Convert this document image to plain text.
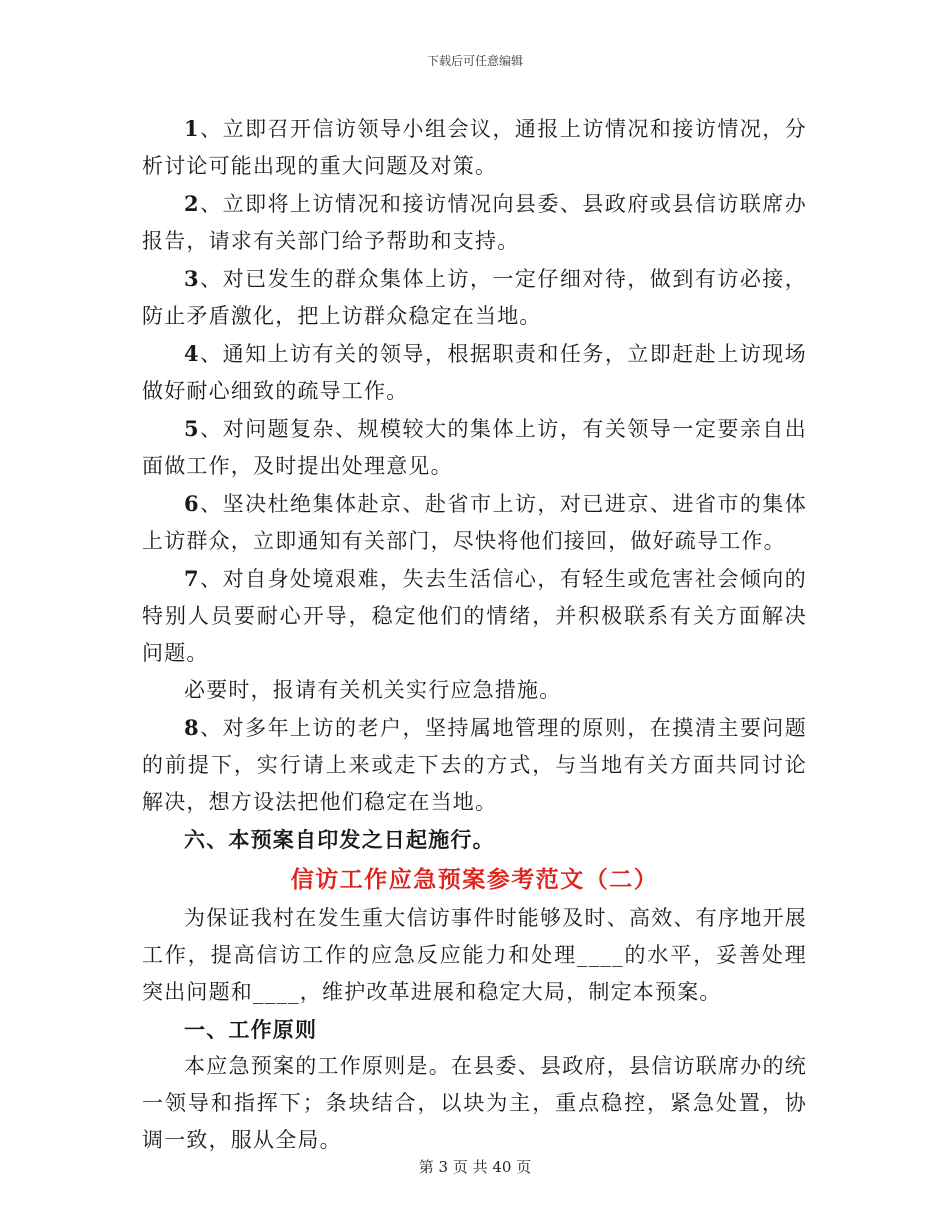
下载后可任意编辑

1、立即召开信访领导小组会议，通报上访情况和接访情况，分析讨论可能出现的重大问题及对策。

2、立即将上访情况和接访情况向县委、县政府或县信访联席办报告，请求有关部门给予帮助和支持。

3、对已发生的群众集体上访，一定仔细对待，做到有访必接，防止矛盾激化，把上访群众稳定在当地。

4、通知上访有关的领导，根据职责和任务，立即赶赴上访现场做好耐心细致的疏导工作。

5、对问题复杂、规模较大的集体上访，有关领导一定要亲自出面做工作，及时提出处理意见。

6、坚决杜绝集体赴京、赴省市上访，对已进京、进省市的集体上访群众，立即通知有关部门，尽快将他们接回，做好疏导工作。

7、对自身处境艰难，失去生活信心，有轻生或危害社会倾向的特别人员要耐心开导，稳定他们的情绪，并积极联系有关方面解决问题。

必要时，报请有关机关实行应急措施。

8、对多年上访的老户，坚持属地管理的原则，在摸清主要问题的前提下，实行请上来或走下去的方式，与当地有关方面共同讨论解决，想方设法把他们稳定在当地。

六、本预案自印发之日起施行。

信访工作应急预案参考范文（二）

为保证我村在发生重大信访事件时能够及时、高效、有序地开展工作，提高信访工作的应急反应能力和处理____的水平，妥善处理突出问题和____，维护改革进展和稳定大局，制定本预案。

一、工作原则

本应急预案的工作原则是。在县委、县政府，县信访联席办的统一领导和指挥下；条块结合，以块为主，重点稳控，紧急处置，协调一致，服从全局。

第 3 页 共 40 页
